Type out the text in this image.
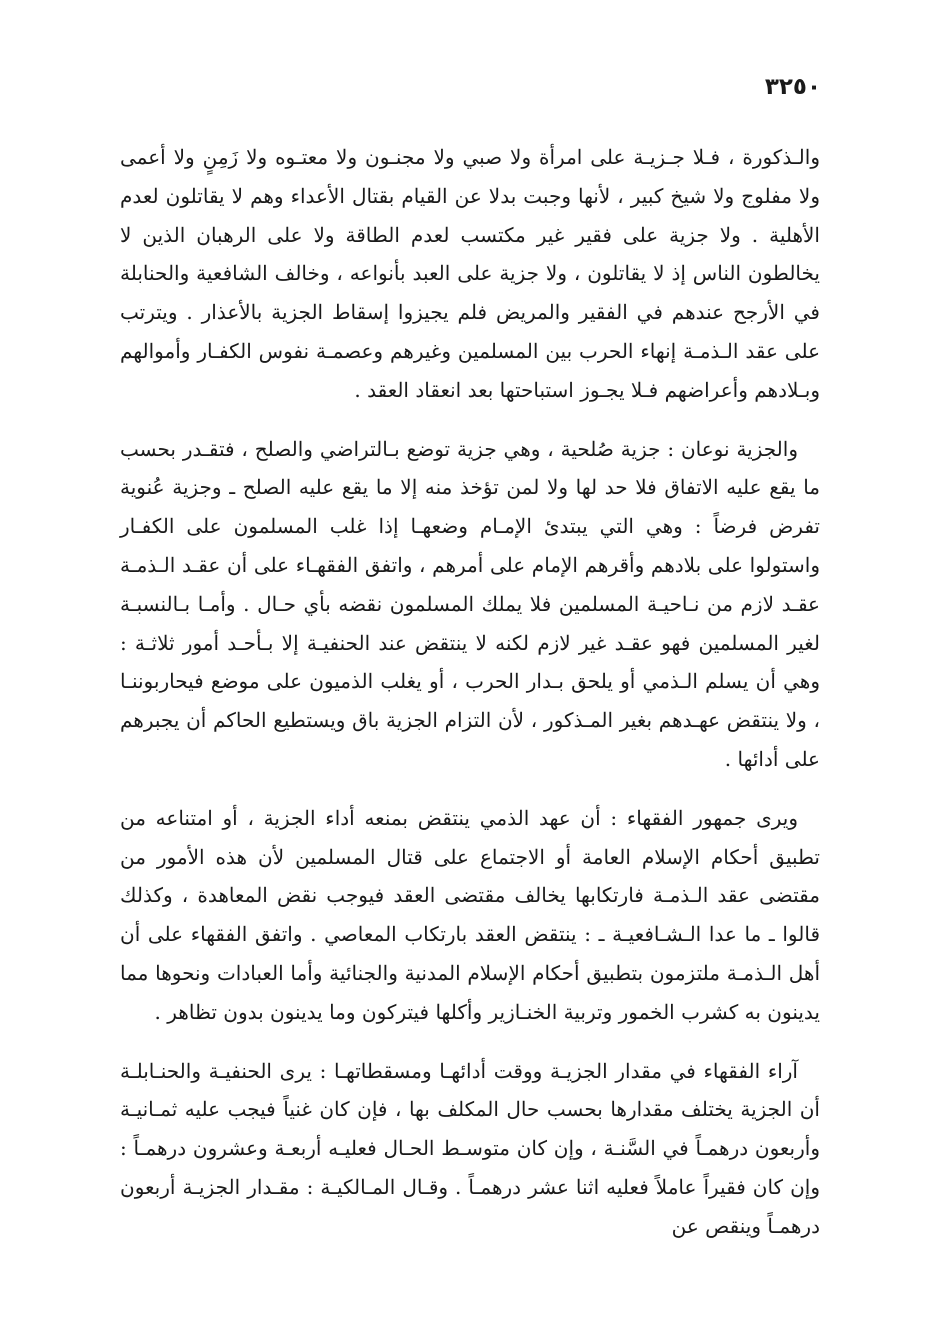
٣٢٥٠

والـذكورة ، فـلا جـزيـة على امرأة ولا صبي ولا مجنـون ولا معتـوه ولا زَمِنٍ ولا أعمى ولا مفلوج ولا شيخ كبير ، لأنها وجبت بدلا عن القيام بقتال الأعداء وهم لا يقاتلون لعدم الأهلية . ولا جزية على فقير غير مكتسب لعدم الطاقة ولا على الرهبان الذين لا يخالطون الناس إذ لا يقاتلون ، ولا جزية على العبد بأنواعه ، وخالف الشافعية والحنابلة في الأرجح عندهم في الفقير والمريض فلم يجيزوا إسقاط الجزية بالأعذار . ويترتب على عقد الـذمـة إنهاء الحرب بين المسلمين وغيرهم وعصمـة نفوس الكفـار وأموالهم وبـلادهم وأعراضهم فـلا يجـوز استباحتها بعد انعقاد العقد .

والجزية نوعان : جزية صُلحية ، وهي جزية توضع بـالتراضي والصلح ، فتقـدر بحسب ما يقع عليه الاتفاق فلا حد لها ولا لمن تؤخذ منه إلا ما يقع عليه الصلح ـ وجزية عُنوية تفرض فرضاً : وهي التي يبتدئ الإمـام وضعهـا إذا غلب المسلمون على الكفـار واستولوا على بلادهم وأقرهم الإمام على أمرهم ، واتفق الفقهـاء على أن عقـد الـذمـة عقـد لازم من نـاحيـة المسلمين فلا يملك المسلمون نقضه بأي حـال . وأمـا بـالنسبـة لغير المسلمين فهو عقـد غير لازم لكنه لا ينتقض عند الحنفيـة إلا بـأحـد أمور ثلاثـة : وهي أن يسلم الـذمي أو يلحق بـدار الحرب ، أو يغلب الذميون على موضع فيحاربوننـا ، ولا ينتقض عهـدهم بغير المـذكور ، لأن التزام الجزية باق ويستطيع الحاكم أن يجبرهم على أدائها .

ويرى جمهور الفقهاء : أن عهد الذمي ينتقض بمنعه أداء الجزية ، أو امتناعه من تطبيق أحكام الإسلام العامة أو الاجتماع على قتال المسلمين لأن هذه الأمور من مقتضى عقد الـذمـة فارتكابها يخالف مقتضى العقد فيوجب نقض المعاهدة ، وكذلك قالوا ـ ما عدا الـشـافعيـة ـ : ينتقض العقد بارتكاب المعاصي . واتفق الفقهاء على أن أهل الـذمـة ملتزمون بتطبيق أحكام الإسلام المدنية والجنائية وأما العبادات ونحوها مما يدينون به كشرب الخمور وتربية الخنـازير وأكلها فيتركون وما يدينون بدون تظاهر .

آراء الفقهاء في مقدار الجزيـة ووقت أدائهـا ومسقطاتهـا : يرى الحنفيـة والحنـابلـة أن الجزية يختلف مقدارها بحسب حال المكلف بها ، فإن كان غنياً فيجب عليه ثمـانيـة وأربعون درهمـاً في السَّنـة ، وإن كان متوسـط الحـال فعليـه أربعـة وعشرون درهمـاً : وإن كان فقيراً عاملاً فعليه اثنا عشر درهمـاً . وقـال المـالكيـة : مقـدار الجزيـة أربعون درهمـاً وينقص عن
